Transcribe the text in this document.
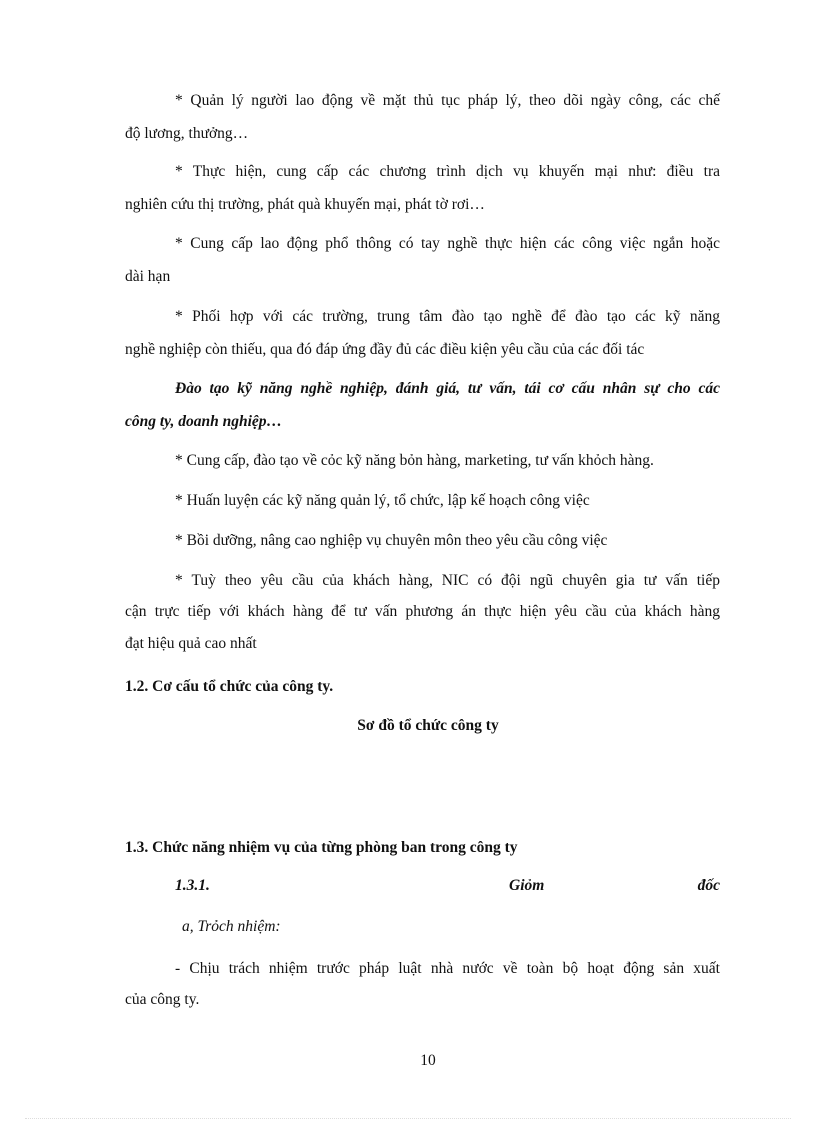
* Quản lý người lao động về mặt thủ tục pháp lý, theo dõi ngày công, các chế
độ lương, thưởng…
* Thực hiện, cung cấp các chương trình dịch vụ khuyến mại như: điều tra
nghiên cứu thị trường, phát quà khuyến mại, phát tờ rơi…
* Cung cấp lao động phổ thông có tay nghề thực hiện các công việc ngắn hoặc
dài hạn
* Phối hợp với các trường, trung tâm đào tạo nghề để đào tạo các kỹ năng
nghề nghiệp còn thiếu, qua đó đáp ứng đầy đủ các điều kiện yêu cầu của các đối tác
Đào tạo kỹ năng nghề nghiệp, đánh giá, tư vấn, tái cơ cấu nhân sự cho các
công ty, doanh nghiệp…
* Cung cấp, đào tạo về cỏc kỹ năng bỏn hàng, marketing, tư vấn khỏch hàng.
* Huấn luyện các kỹ năng quản lý, tổ chức, lập kế hoạch công việc
* Bồi dưỡng, nâng cao nghiệp vụ chuyên môn theo yêu cầu công việc
* Tuỳ theo yêu cầu của khách hàng, NIC có đội ngũ chuyên gia tư vấn tiếp
cận trực tiếp với khách hàng để tư vấn phương án thực hiện yêu cầu của khách hàng
đạt hiệu quả cao nhất
1.2. Cơ cấu tổ chức của công ty.
Sơ đồ tổ chức công ty
1.3. Chức năng nhiệm vụ của từng phòng ban trong công ty
1.3.1.	Giỏm	đốc
a, Trỏch nhiệm:
- Chịu trách nhiệm trước pháp luật nhà nước về toàn bộ hoạt động sản xuất
của công ty.
10
